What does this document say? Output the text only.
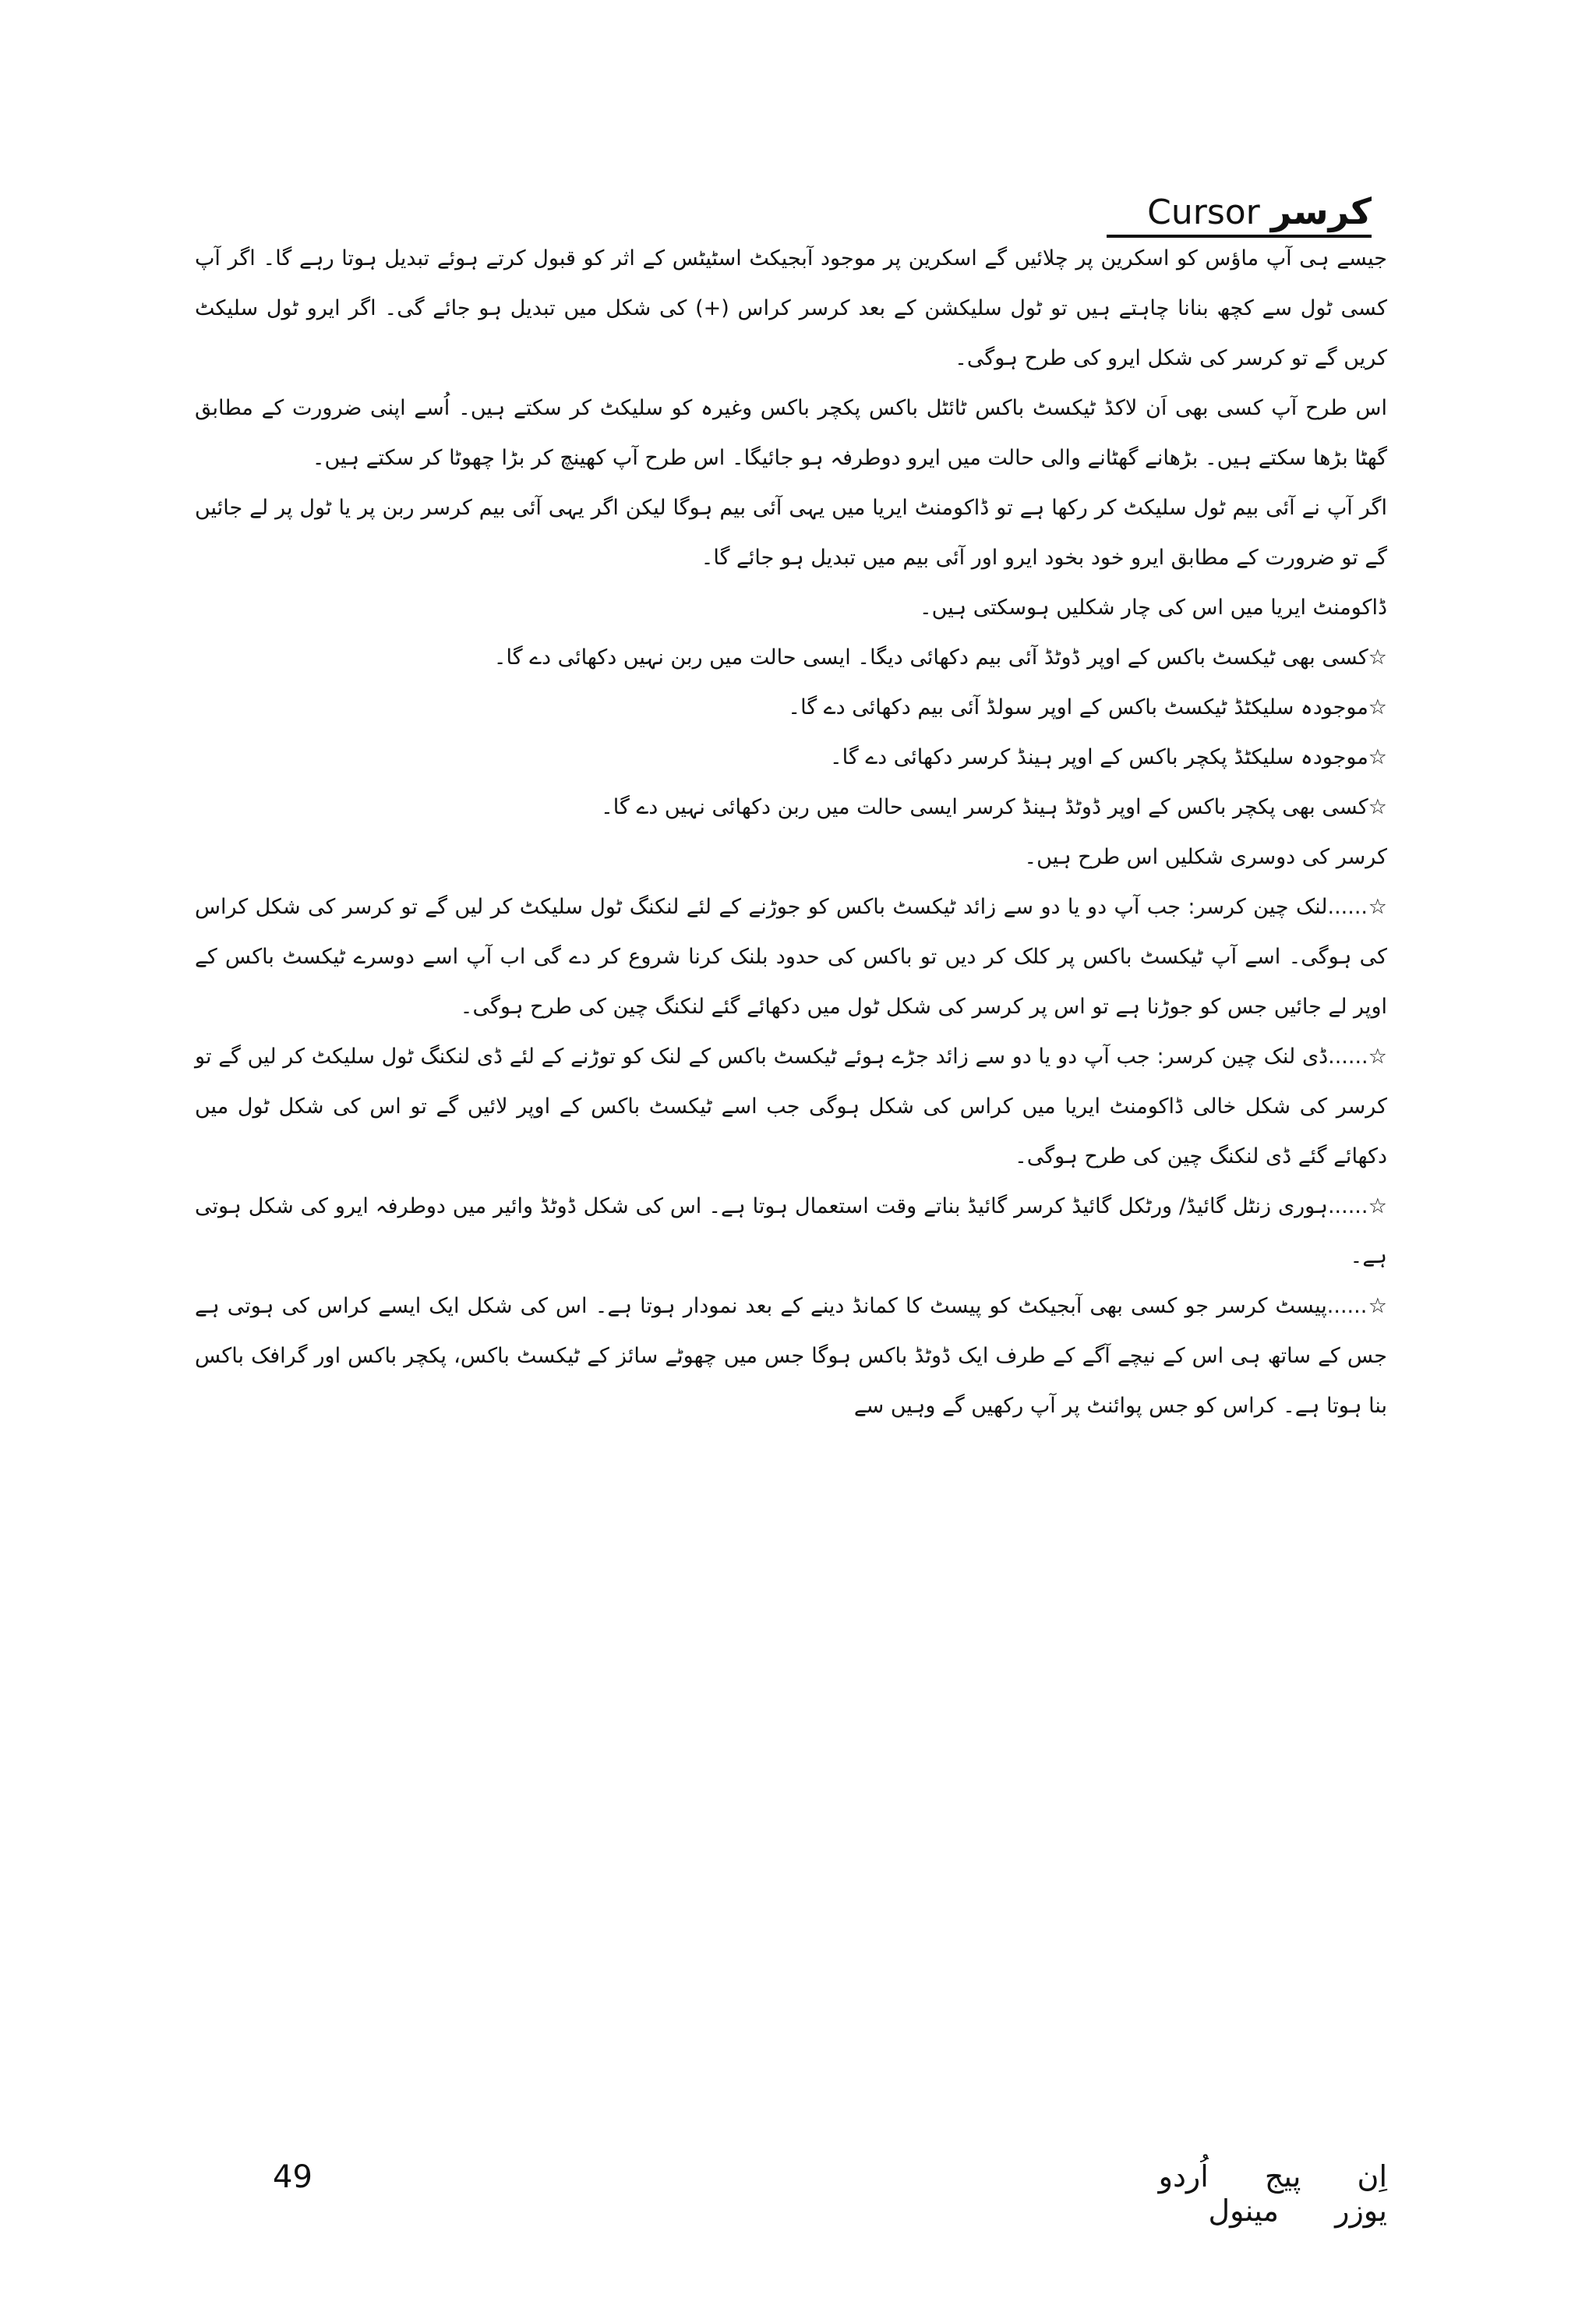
Cursor کرسر

جیسے ہی آپ ماؤس کو اسکرین پر چلائیں گے اسکرین پر موجود آبجیکٹ اسٹیٹس کے اثر کو قبول کرتے ہوئے تبدیل ہوتا رہے گا۔ اگر آپ کسی ٹول سے کچھ بنانا چاہتے ہیں تو ٹول سلیکشن کے بعد کرسر کراس (+) کی شکل میں تبدیل ہو جائے گی۔ اگر ایرو ٹول سلیکٹ کریں گے تو کرسر کی شکل ایرو کی طرح ہوگی۔

اس طرح آپ کسی بھی اَن لاکڈ ٹیکسٹ باکس ٹائٹل باکس پکچر باکس وغیرہ کو سلیکٹ کر سکتے ہیں۔ اُسے اپنی ضرورت کے مطابق گھٹا بڑھا سکتے ہیں۔ بڑھانے گھٹانے والی حالت میں ایرو دوطرفہ ہو جائیگا۔ اس طرح آپ کھینچ کر بڑا چھوٹا کر سکتے ہیں۔

اگر آپ نے آئی بیم ٹول سلیکٹ کر رکھا ہے تو ڈاکومنٹ ایریا میں یہی آئی بیم ہوگا لیکن اگر یہی آئی بیم کرسر ربن پر یا ٹول پر لے جائیں گے تو ضرورت کے مطابق ایرو خود بخود ایرو اور آئی بیم میں تبدیل ہو جائے گا۔

ڈاکومنٹ ایریا میں اس کی چار شکلیں ہوسکتی ہیں۔

☆کسی بھی ٹیکسٹ باکس کے اوپر ڈوٹڈ آئی بیم دکھائی دیگا۔ ایسی حالت میں ربن نہیں دکھائی دے گا۔

☆موجودہ سلیکٹڈ ٹیکسٹ باکس کے اوپر سولڈ آئی بیم دکھائی دے گا۔

☆موجودہ سلیکٹڈ پکچر باکس کے اوپر ہینڈ کرسر دکھائی دے گا۔

☆کسی بھی پکچر باکس کے اوپر ڈوٹڈ ہینڈ کرسر ایسی حالت میں ربن دکھائی نہیں دے گا۔

کرسر کی دوسری شکلیں اس طرح ہیں۔

☆......لنک چین کرسر: جب آپ دو یا دو سے زائد ٹیکسٹ باکس کو جوڑنے کے لئے لنکنگ ٹول سلیکٹ کر لیں گے تو کرسر کی شکل کراس کی ہوگی۔ اسے آپ ٹیکسٹ باکس پر کلک کر دیں تو باکس کی حدود بلنک کرنا شروع کر دے گی اب آپ اسے دوسرے ٹیکسٹ باکس کے اوپر لے جائیں جس کو جوڑنا ہے تو اس پر کرسر کی شکل ٹول میں دکھائے گئے لنکنگ چین کی طرح ہوگی۔

☆......ڈی لنک چین کرسر: جب آپ دو یا دو سے زائد جڑے ہوئے ٹیکسٹ باکس کے لنک کو توڑنے کے لئے ڈی لنکنگ ٹول سلیکٹ کر لیں گے تو کرسر کی شکل خالی ڈاکومنٹ ایریا میں کراس کی شکل ہوگی جب اسے ٹیکسٹ باکس کے اوپر لائیں گے تو اس کی شکل ٹول میں دکھائے گئے ڈی لنکنگ چین کی طرح ہوگی۔

☆......ہوری زنٹل گائیڈ/ ورٹکل گائیڈ کرسر گائیڈ بناتے وقت استعمال ہوتا ہے۔ اس کی شکل ڈوٹڈ وائیر میں دوطرفہ ایرو کی شکل ہوتی ہے۔

☆......پیسٹ کرسر جو کسی بھی آبجیکٹ کو پیسٹ کا کمانڈ دینے کے بعد نمودار ہوتا ہے۔ اس کی شکل ایک ایسے کراس کی ہوتی ہے جس کے ساتھ ہی اس کے نیچے آگے کے طرف ایک ڈوٹڈ باکس ہوگا جس میں چھوٹے سائز کے ٹیکسٹ باکس، پکچر باکس اور گرافک باکس بنا ہوتا ہے۔ کراس کو جس پوائنٹ پر آپ رکھیں گے وہیں سے

49	اِن پیج اُردو یوزر مینول
